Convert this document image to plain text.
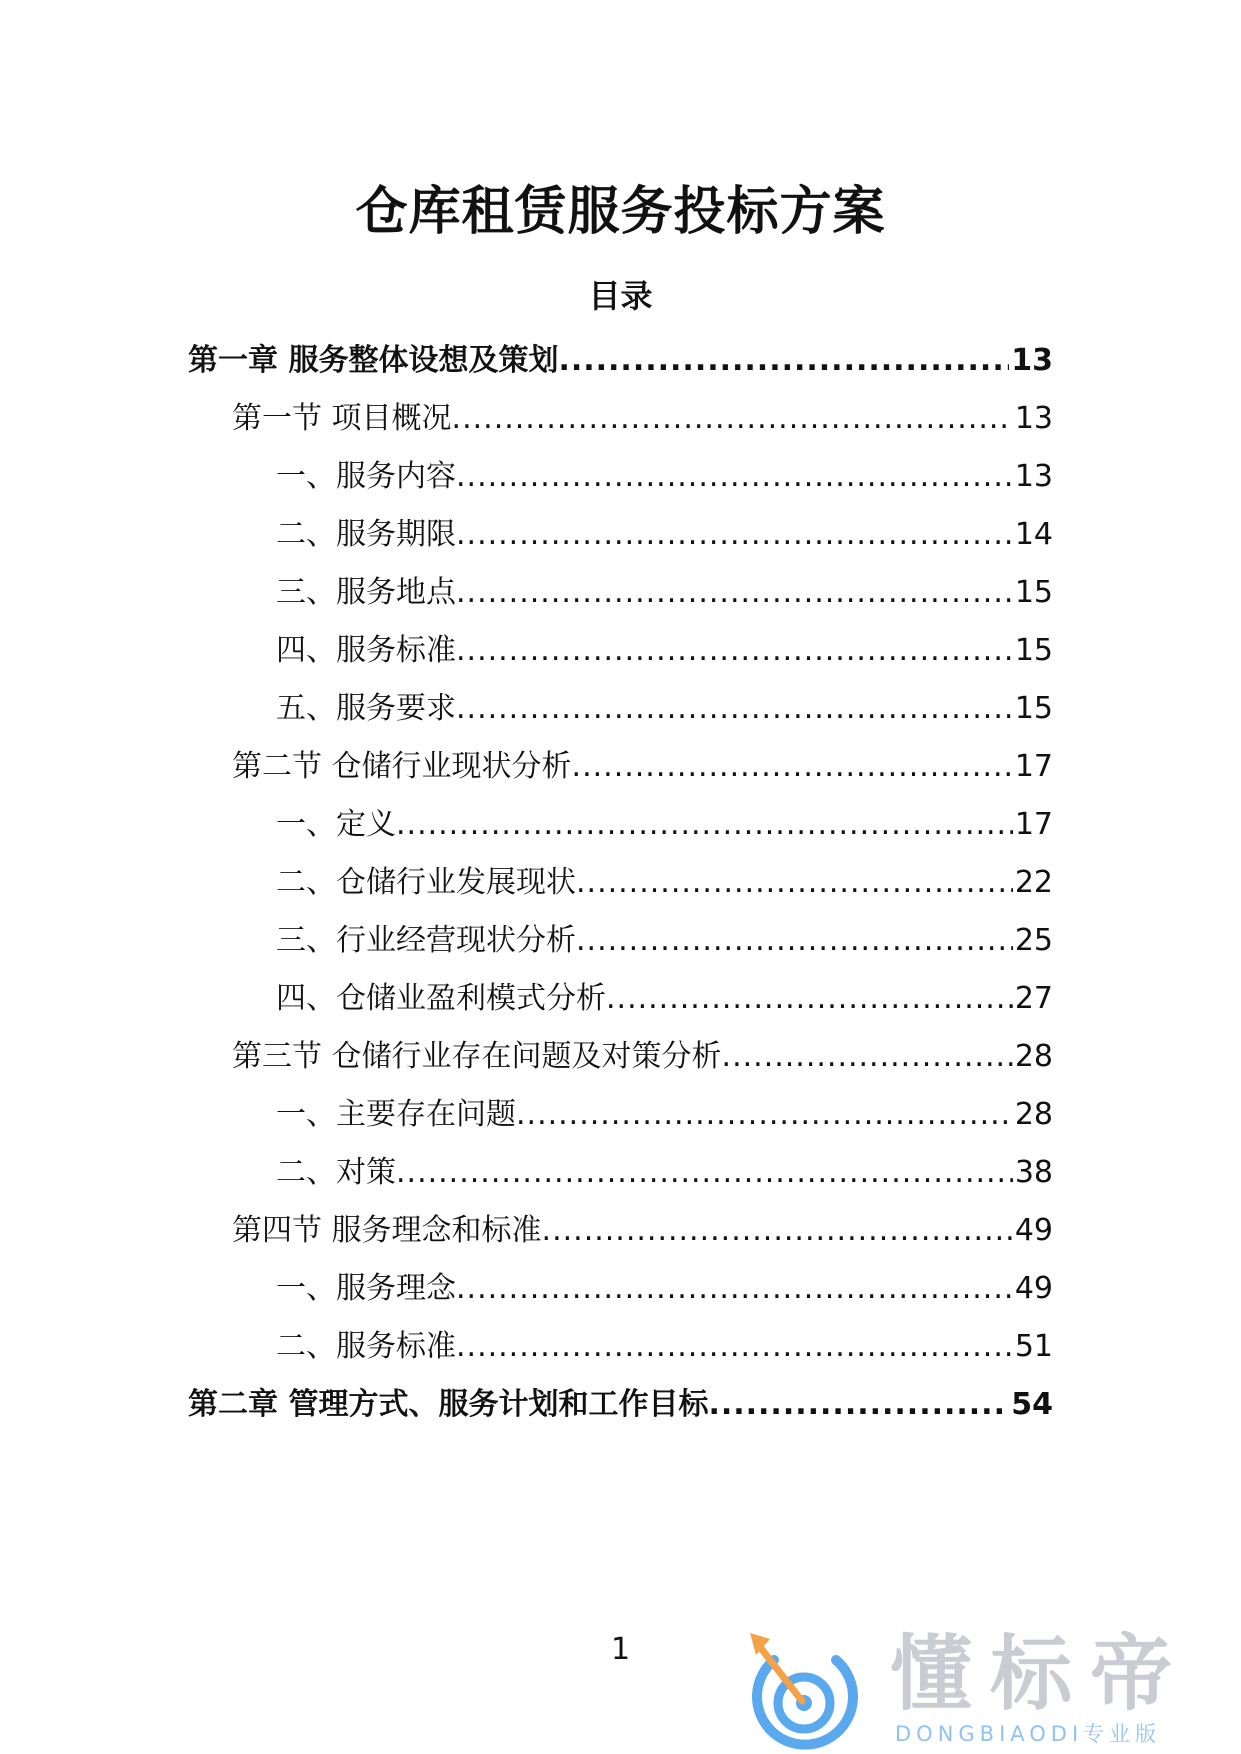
仓库租赁服务投标方案
目录
第一章 服务整体设想及策划 .....	13
第一节 项目概况 .....	13
一、服务内容 .....	13
二、服务期限 .....	14
三、服务地点 .....	15
四、服务标准 .....	15
五、服务要求 .....	15
第二节 仓储行业现状分析 .....	17
一、定义 .....	17
二、仓储行业发展现状 .....	22
三、行业经营现状分析 .....	25
四、仓储业盈利模式分析 .....	27
第三节 仓储行业存在问题及对策分析 .....	28
一、主要存在问题 .....	28
二、对策 .....	38
第四节 服务理念和标准 .....	49
一、服务理念 .....	49
二、服务标准 .....	51
第二章 管理方式、服务计划和工作目标 .....	54
1	懂标帝
DONGBIAODI专业版
